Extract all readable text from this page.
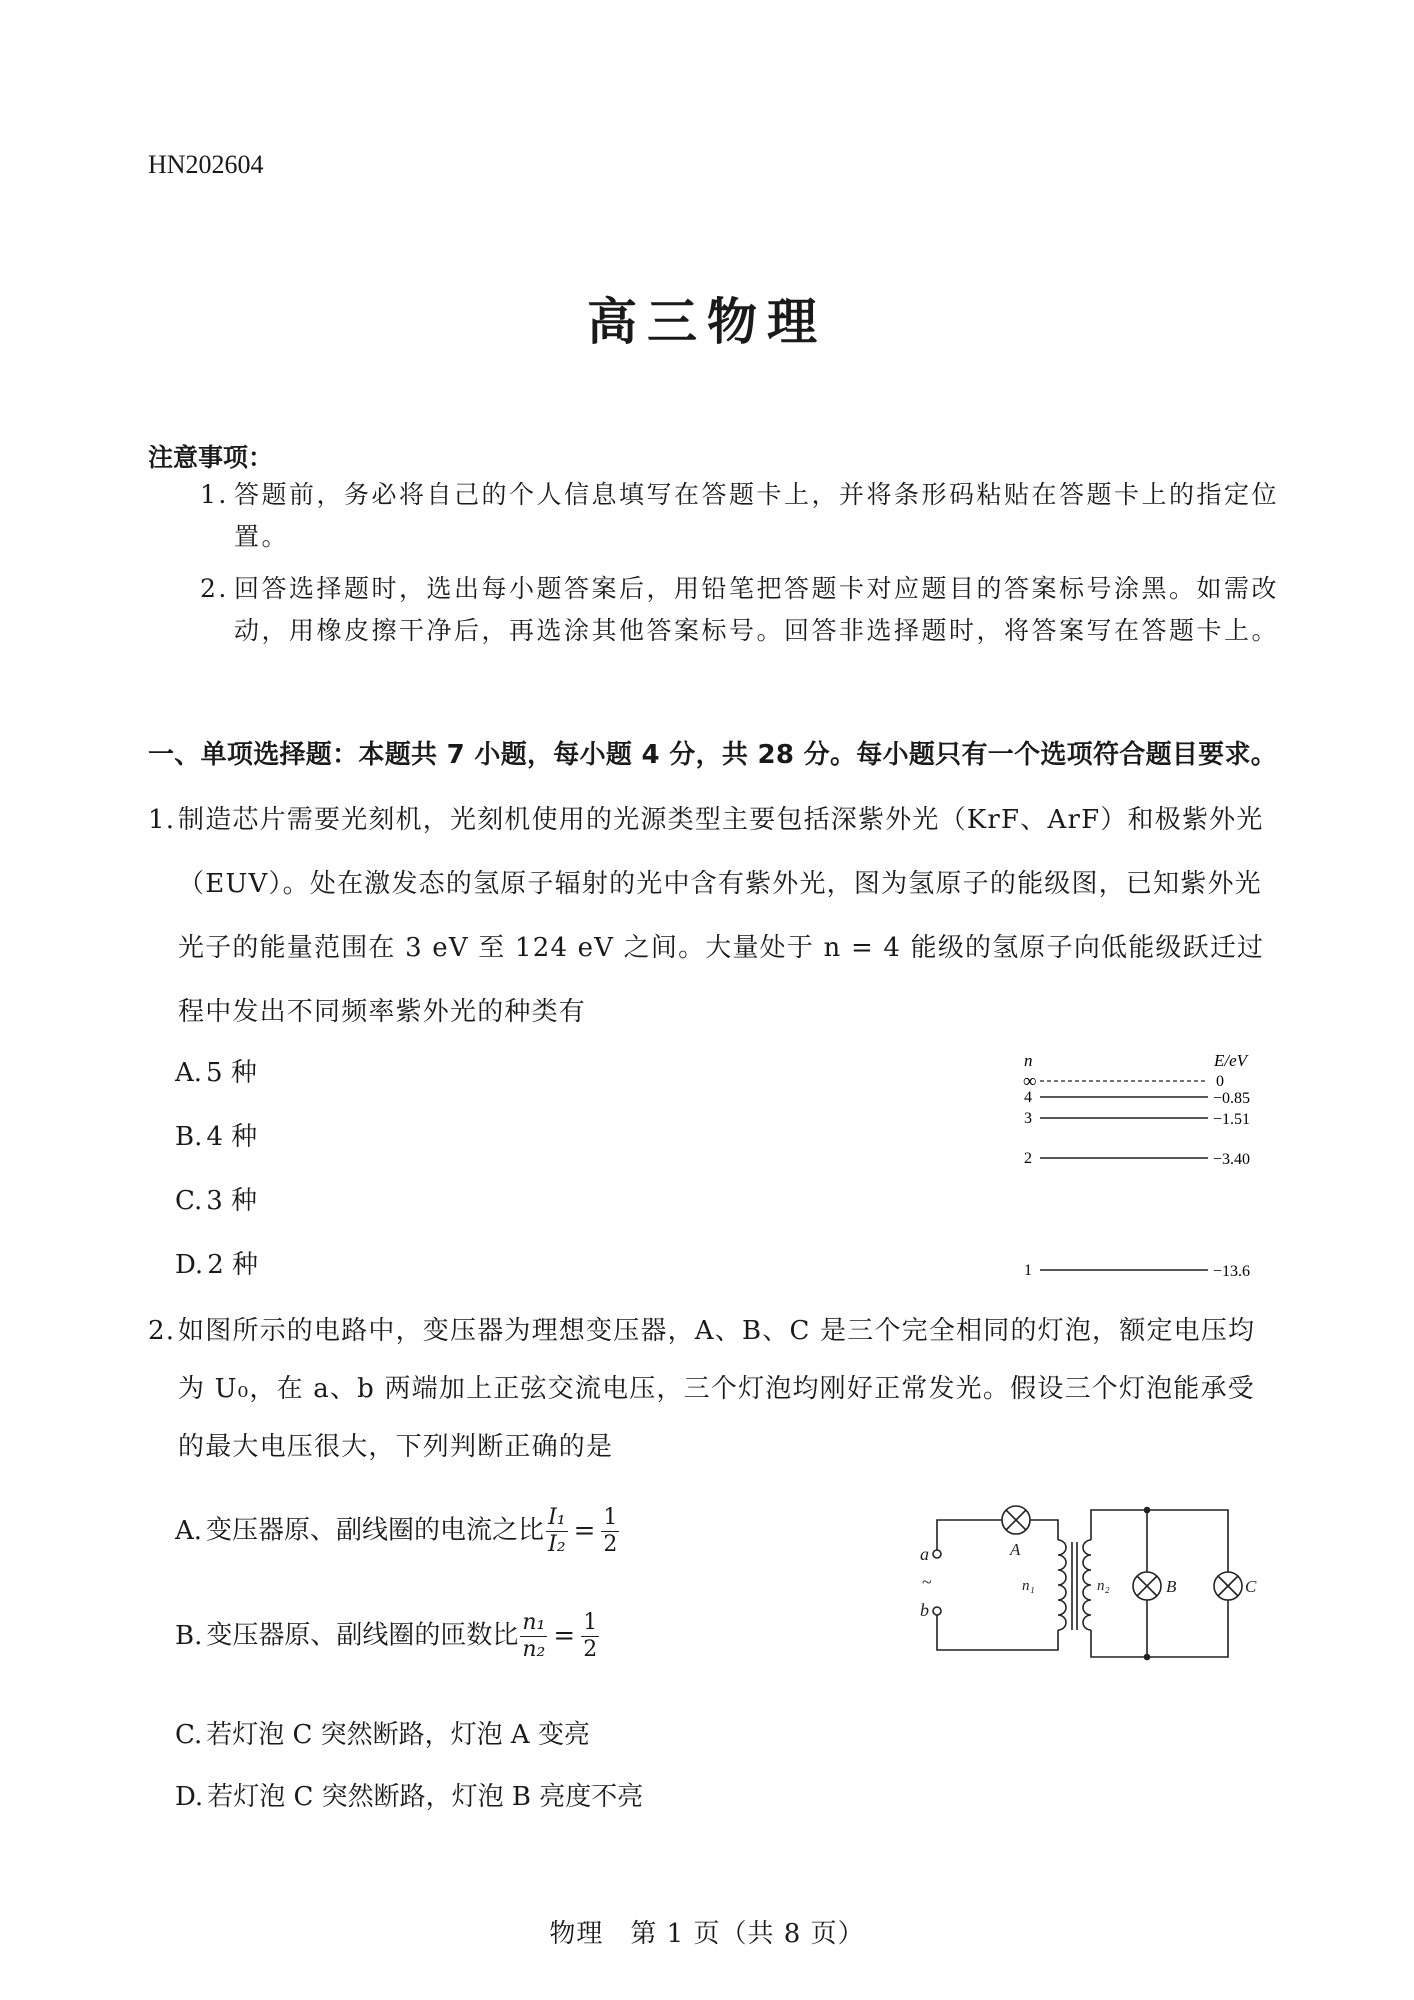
HN202604
高三物理
注意事项：
1. 答题前，务必将自己的个人信息填写在答题卡上，并将条形码粘贴在答题卡上的指定位置。
2. 回答选择题时，选出每小题答案后，用铅笔把答题卡对应题目的答案标号涂黑。如需改动，用橡皮擦干净后，再选涂其他答案标号。回答非选择题时，将答案写在答题卡上。
一、单项选择题：本题共 7 小题，每小题 4 分，共 28 分。每小题只有一个选项符合题目要求。
1. 制造芯片需要光刻机，光刻机使用的光源类型主要包括深紫外光（KrF、ArF）和极紫外光（EUV）。处在激发态的氢原子辐射的光中含有紫外光，图为氢原子的能级图，已知紫外光光子的能量范围在 3 eV 至 124 eV 之间。大量处于 n = 4 能级的氢原子向低能级跃迁过程中发出不同频率紫外光的种类有
A. 5 种
B. 4 种
C. 3 种
D. 2 种
n	E/eV
∞	0
4	−0.85
3	−1.51
2	−3.40
1	−13.6
2. 如图所示的电路中，变压器为理想变压器，A、B、C 是三个完全相同的灯泡，额定电压均为 U₀，在 a、b 两端加上正弦交流电压，三个灯泡均刚好正常发光。假设三个灯泡能承受的最大电压很大，下列判断正确的是
A. 变压器原、副线圈的电流之比 $\frac{\text{I₁}}{\text{I₂}} = \frac{1}{2}$
B. 变压器原、副线圈的匝数比 $\frac{\text{n₁}}{\text{n₂}} = \frac{1}{2}$
C. 若灯泡 C 突然断路，灯泡 A 变亮
D. 若灯泡 C 突然断路，灯泡 B 亮度不亮
a
~
b
A
n₁	n₂	B	C
物理　第 1 页（共 8 页）
